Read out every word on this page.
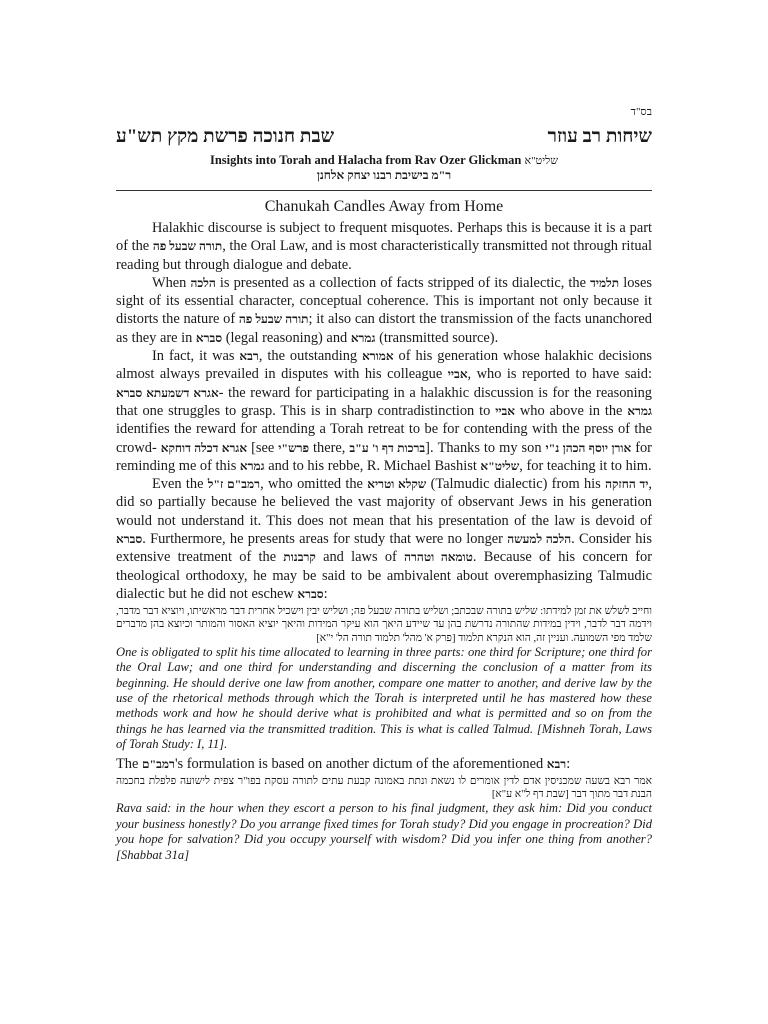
בס"ד
שיחות רב עוזר
שבת חנוכה פרשת מקץ תש"ע
Insights into Torah and Halacha from Rav Ozer Glickman שליט"א
ר"מ בישיבת רבנו יצחק אלחנן
Chanukah Candles Away from Home

Halakhic discourse is subject to frequent misquotes. Perhaps this is because it is a part of the תורה שבעל פה, the Oral Law, and is most characteristically transmitted not through ritual reading but through dialogue and debate.

When הלכה is presented as a collection of facts stripped of its dialectic, the תלמיד loses sight of its essential character, conceptual coherence. This is important not only because it distorts the nature of תורה שבעל פה; it also can distort the transmission of the facts unanchored as they are in סברא (legal reasoning) and גמרא (transmitted source).

In fact, it was רבא, the outstanding אמורא of his generation whose halakhic decisions almost always prevailed in disputes with his colleague אביי, who is reported to have said: אגרא דשמעתא סברא- the reward for participating in a halakhic discussion is for the reasoning that one struggles to grasp. This is in sharp contradistinction to אביי who above in the גמרא identifies the reward for attending a Torah retreat to be for contending with the press of the crowd- אגרא דכלה דוחקא [see פרש"י there, ברכות דף ו' ע"ב]. Thanks to my son אורן יוסף הכהן נ"י for reminding me of this גמרא and to his rebbe, R. Michael Bashist שליט"א, for teaching it to him.

Even the רמב"ם ז"ל, who omitted the שקלא וטריא (Talmudic dialectic) from his יד החזקה, did so partially because he believed the vast majority of observant Jews in his generation would not understand it. This does not mean that his presentation of the law is devoid of סברא. Furthermore, he presents areas for study that were no longer הלכה למעשה. Consider his extensive treatment of the קרבנות and laws of טומאה וטהרה. Because of his concern for theological orthodoxy, he may be said to be ambivalent about overemphasizing Talmudic dialectic but he did not eschew סברא:

וחייב לשלש את זמן למידתו: שליש בתורה שבכתב; ושליש בתורה שבעל פה; ושליש יבין וישכיל אחרית דבר מראשיתו, ויוציא דבר מדבר, וידמה דבר לדבר, וידין במידות שהתורה נדרשת בהן עד שיידע היאך הוא עיקר המידות והיאך יוציא האסור והמותר וכיוצא בהן מדברים שלמד מפי השמועה. ועניין זה, הוא הנקרא תלמוד [פרק א' מהל' תלמוד תורה הל' י"א]

One is obligated to split his time allocated to learning in three parts: one third for Scripture; one third for the Oral Law; and one third for understanding and discerning the conclusion of a matter from its beginning. He should derive one law from another, compare one matter to another, and derive law by the use of the rhetorical methods through which the Torah is interpreted until he has mastered how these methods work and how he should derive what is prohibited and what is permitted and so on from the things he has learned via the transmitted tradition. This is what is called Talmud. [Mishneh Torah, Laws of Torah Study: I, 11].

The רמב"ם's formulation is based on another dictum of the aforementioned רבא:

אמר רבא בשעה שמכניסין אדם לדין אומרים לו נשאת ונתת באמונה קבעת עתים לתורה עסקת בפו"ר צפית לישועה פלפלת בחכמה הבנת דבר מתוך דבר [שבת דף ל"א ע"א]

Rava said: in the hour when they escort a person to his final judgment, they ask him: Did you conduct your business honestly? Do you arrange fixed times for Torah study? Did you engage in procreation? Did you hope for salvation? Did you occupy yourself with wisdom? Did you infer one thing from another? [Shabbat 31a]
